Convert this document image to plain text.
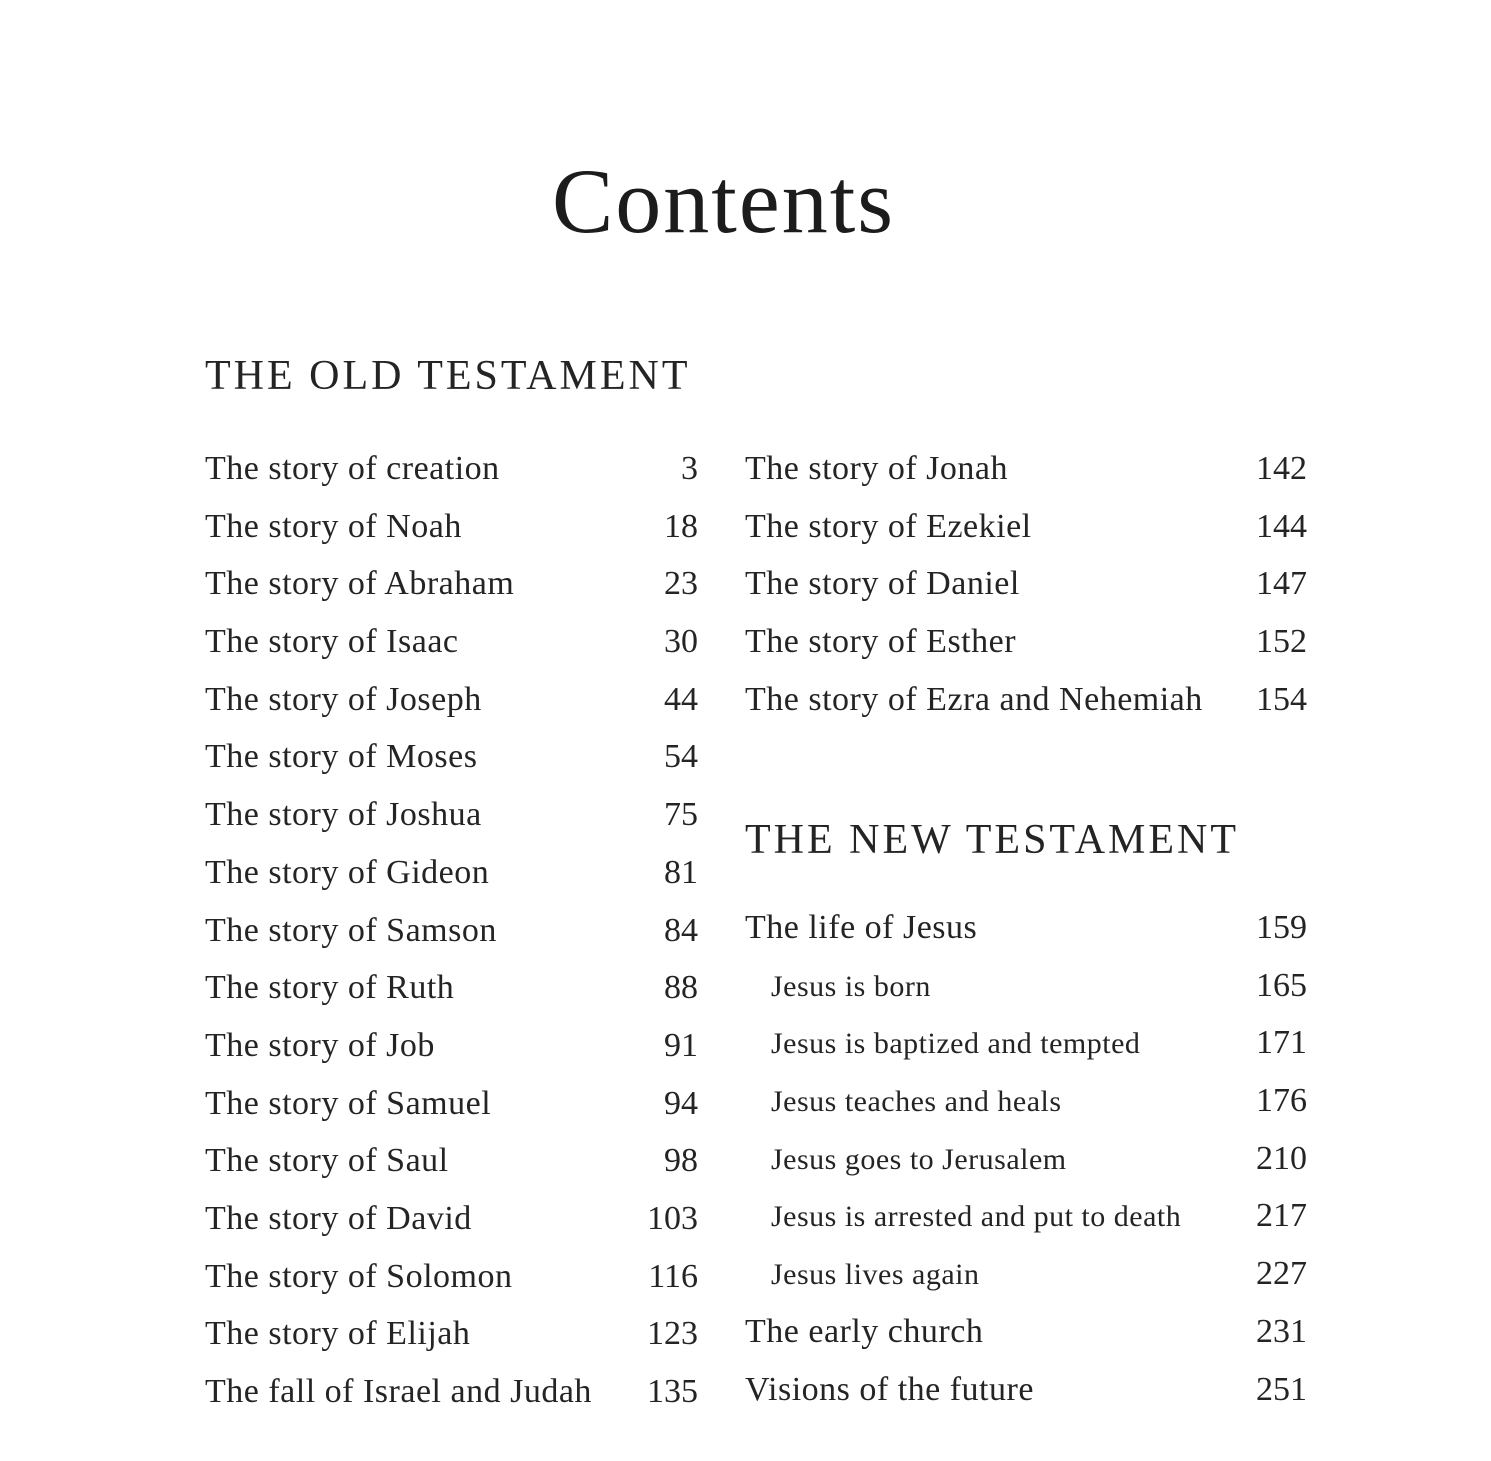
Contents
THE OLD TESTAMENT
The story of creation	3
The story of Noah	18
The story of Abraham	23
The story of Isaac	30
The story of Joseph	44
The story of Moses	54
The story of Joshua	75
The story of Gideon	81
The story of Samson	84
The story of Ruth	88
The story of Job	91
The story of Samuel	94
The story of Saul	98
The story of David	103
The story of Solomon	116
The story of Elijah	123
The fall of Israel and Judah 135
The story of Jonah	142
The story of Ezekiel	144
The story of Daniel	147
The story of Esther	152
The story of Ezra and Nehemiah 154
THE NEW TESTAMENT
The life of Jesus	159
Jesus is born	165
Jesus is baptized and tempted	171
Jesus teaches and heals	176
Jesus goes to Jerusalem	210
Jesus is arrested and put to death 217
Jesus lives again	227
The early church	231
Visions of the future	251
